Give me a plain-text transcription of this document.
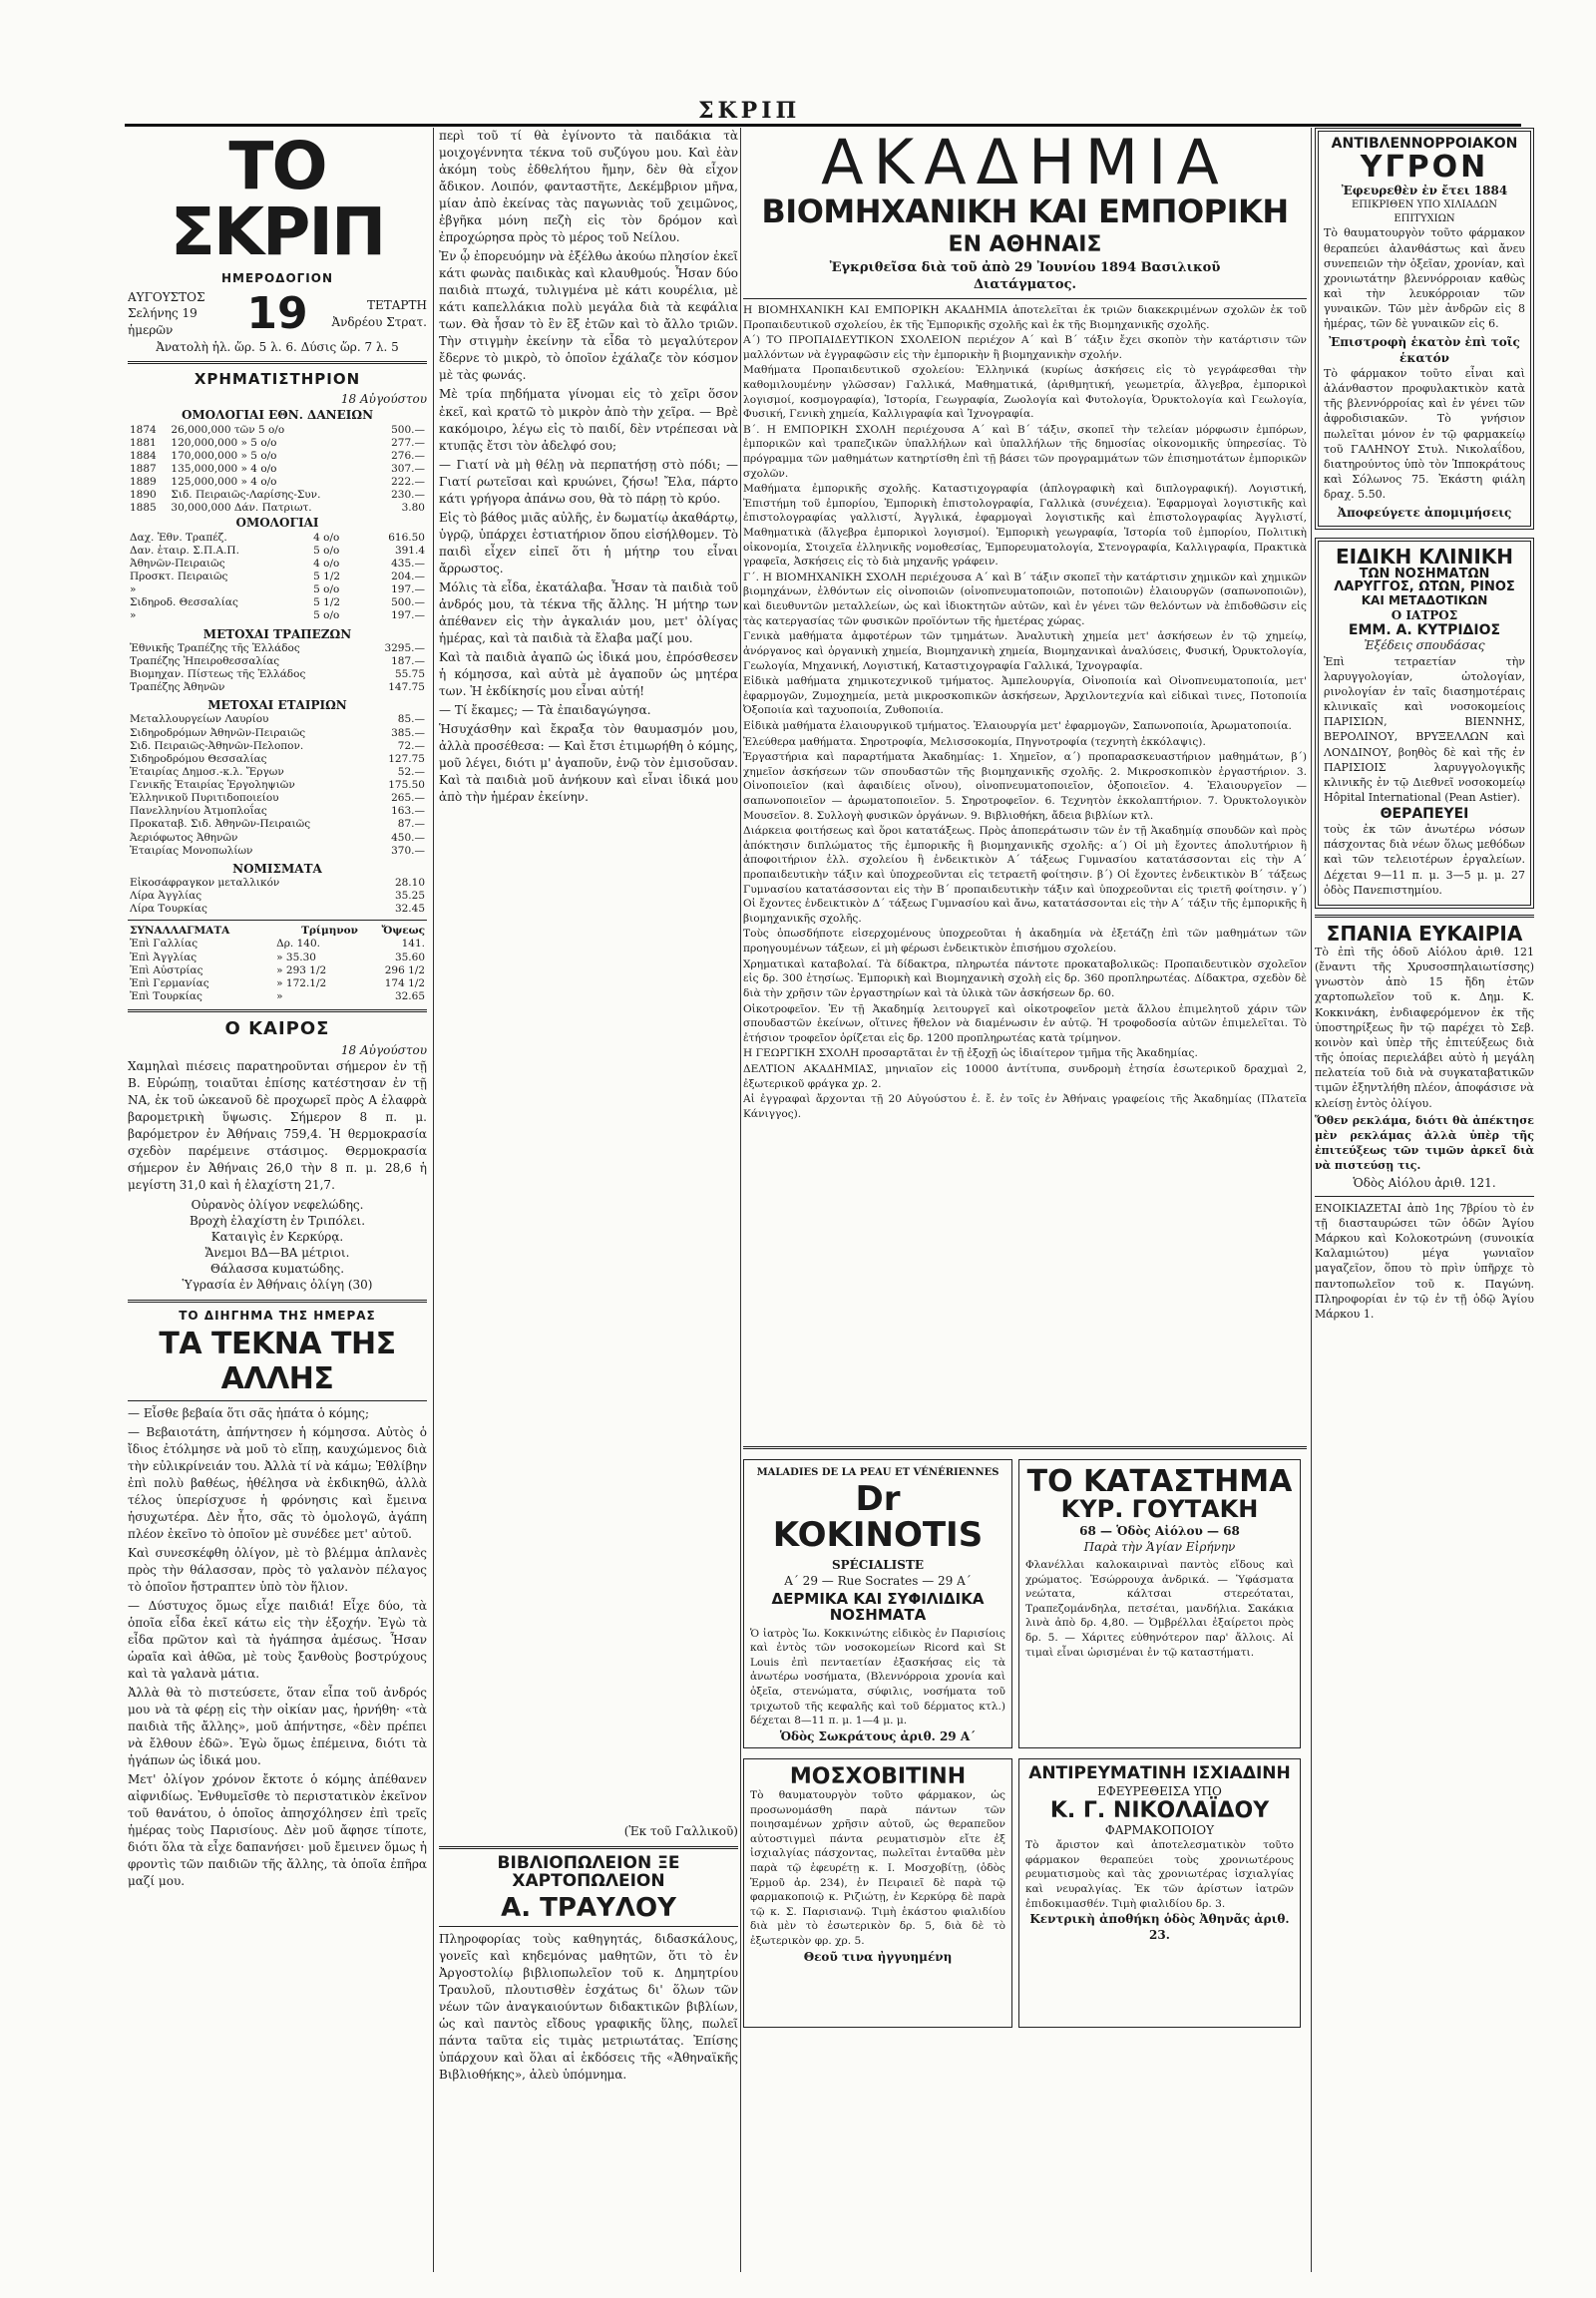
ΣΚΡΙΠ
ΤΟ ΣΚΡΙΠ
ΗΜΕΡΟΔΟΓΙΟΝ
ΑΥΓΟΥΣΤΟΣ
Σελήνης 19 ἡμερῶν	19	ΤΕΤΑΡΤΗ
Ἀνδρέου Στρατ.
Ἀνατολὴ ἡλ. ὥρ. 5 λ. 6. Δύσις ὥρ. 7 λ. 5
ΧΡΗΜΑΤΙΣΤΗΡΙΟΝ
18 Αὐγούστου
ΟΜΟΛΟΓΙΑΙ ΕΘΝ. ΔΑΝΕΙΩΝ
1874	26,000,000 τῶν 5 ο/ο	500.—
1881	120,000,000 » 5 ο/ο	277.—
1884	170,000,000 » 5 ο/ο	276.—
1887	135,000,000 » 4 ο/ο	307.—
1889	125,000,000 » 4 ο/ο	222.—
1890	Σιδ. Πειραιῶς-Λαρίσης-Συν.	230.—
1885	30,000,000 Δάν. Πατριωτ.	3.80
ΟΜΟΛΟΓΙΑΙ
Δαχ. Ἐθν. Τραπέζ.	4 ο/ο	616.50
Δαν. ἑταιρ. Σ.Π.Α.Π.	5 ο/ο	391.4
Ἀθηνῶν-Πειραιῶς	4 ο/ο	435.—
Προσκτ. Πειραιῶς	5 1/2	204.—
»	5 ο/ο	197.—
Σιδηροδ. Θεσσαλίας	5 1/2	500.—
»	5 ο/ο	197.—
ΜΕΤΟΧΑΙ ΤΡΑΠΕΖΩΝ
Ἐθνικῆς Τραπέζης τῆς Ἑλλάδος	3295.—
Τραπέζης Ἠπειροθεσσαλίας	187.—
Βιομηχαν. Πίστεως τῆς Ἑλλάδος	55.75
Τραπέζης Ἀθηνῶν	147.75
ΜΕΤΟΧΑΙ ΕΤΑΙΡΙΩΝ
Μεταλλουργείων Λαυρίου	85.—
Σιδηροδρόμων Ἀθηνῶν-Πειραιῶς	385.—
Σιδ. Πειραιῶς-Ἀθηνῶν-Πελοπον.	72.—
Σιδηροδρόμου Θεσσαλίας	127.75
Ἑταιρίας Δημοσ.-κ.λ. Ἔργων	52.—
Γενικῆς Ἑταιρίας Ἐργοληψιῶν	175.50
Ἑλληνικοῦ Πυριτιδοποιείου	265.—
Πανελληνίου Ἀτμοπλοΐας	163.—
Προκαταβ. Σιδ. Ἀθηνῶν-Πειραιῶς	87.—
Ἀεριόφωτος Ἀθηνῶν	450.—
Ἑταιρίας Μονοπωλίων	370.—
ΝΟΜΙΣΜΑΤΑ
Εἰκοσάφραγκον μεταλλικόν	28.10
Λίρα Ἀγγλίας	35.25
Λίρα Τουρκίας	32.45
ΣΥΝΑΛΛΑΓΜΑΤΑ	Τρίμηνον	Ὄψεως
Ἐπὶ Γαλλίας	Δρ. 140.	141.
Ἐπὶ Ἀγγλίας	» 35.30	35.60
Ἐπὶ Αὐστρίας	» 293 1/2	296 1/2
Ἐπὶ Γερμανίας	» 172.1/2	174 1/2
Ἐπὶ Τουρκίας	»	32.65
Ο ΚΑΙΡΟΣ
18 Αὐγούστου
Χαμηλαὶ πιέσεις παρατηροῦνται σήμερον ἐν τῇ Β. Εὐρώπῃ, τοιαῦται ἐπίσης κατέστησαν ἐν τῇ ΝΑ, ἐκ τοῦ ὠκεανοῦ δὲ προχωρεῖ πρὸς Α ἐλαφρὰ βαρομετρικὴ ὕψωσις. Σήμερον 8 π. μ. βαρόμετρον ἐν Ἀθήναις 759,4. Ἡ θερμοκρασία σχεδὸν παρέμεινε στάσιμος. Θερμοκρασία σήμερον ἐν Ἀθήναις 26,0 τὴν 8 π. μ. 28,6 ἡ μεγίστη 31,0 καὶ ἡ ἐλαχίστη 21,7.

Οὐρανὸς ὀλίγον νεφελώδης.

Βροχὴ ἐλαχίστη ἐν Τριπόλει.

Καταιγὶς ἐν Κερκύρᾳ.

Ἄνεμοι ΒΔ—ΒΑ μέτριοι.

Θάλασσα κυματώδης.

Ὑγρασία ἐν Ἀθήναις ὀλίγη (30)

ΤΟ ΔΙΗΓΗΜΑ ΤΗΣ ΗΜΕΡΑΣ
ΤΑ ΤΕΚΝΑ ΤΗΣ ΑΛΛΗΣ

— Εἶσθε βεβαία ὅτι σᾶς ἠπάτα ὁ κόμης;

— Βεβαιοτάτη, ἀπήντησεν ἡ κόμησσα. Αὐτὸς ὁ ἴδιος ἐτόλμησε νὰ μοῦ τὸ εἴπῃ, καυχώμενος διὰ τὴν εὐλικρίνειάν του. Ἀλλὰ τί νὰ κάμω; Ἐθλίβην ἐπὶ πολὺ βαθέως, ἠθέλησα νὰ ἐκδικηθῶ, ἀλλὰ τέλος ὑπερίσχυσε ἡ φρόνησις καὶ ἔμεινα ἡσυχωτέρα. Δὲν ἦτο, σᾶς τὸ ὁμολογῶ, ἀγάπη πλέον ἐκεῖνο τὸ ὁποῖον μὲ συνέδεε μετ' αὐτοῦ.

Καὶ συνεσκέφθη ὀλίγον, μὲ τὸ βλέμμα ἀπλανὲς πρὸς τὴν θάλασσαν, πρὸς τὸ γαλανὸν πέλαγος τὸ ὁποῖον ἤστραπτεν ὑπὸ τὸν ἥλιον.

— Δύστυχος ὅμως εἶχε παιδιά! Εἶχε δύο, τὰ ὁποῖα εἶδα ἐκεῖ κάτω εἰς τὴν ἐξοχήν. Ἐγὼ τὰ εἶδα πρῶτον καὶ τὰ ἠγάπησα ἀμέσως. Ἦσαν ὡραῖα καὶ ἀθῶα, μὲ τοὺς ξανθοὺς βοστρύχους καὶ τὰ γαλανὰ μάτια.

Ἀλλὰ θὰ τὸ πιστεύσετε, ὅταν εἶπα τοῦ ἀνδρός μου νὰ τὰ φέρῃ εἰς τὴν οἰκίαν μας, ἠρνήθη· «τὰ παιδιὰ τῆς ἄλλης», μοῦ ἀπήντησε, «δὲν πρέπει νὰ ἔλθουν ἐδῶ». Ἐγὼ ὅμως ἐπέμεινα, διότι τὰ ἠγάπων ὡς ἰδικά μου.

Μετ' ὀλίγον χρόνον ἔκτοτε ὁ κόμης ἀπέθανεν αἰφνιδίως. Ἐνθυμεῖσθε τὸ περιστατικὸν ἐκεῖνον τοῦ θανάτου, ὁ ὁποῖος ἀπησχόλησεν ἐπὶ τρεῖς ἡμέρας τοὺς Παρισίους. Δὲν μοῦ ἄφησε τίποτε, διότι ὅλα τὰ εἶχε δαπανήσει· μοῦ ἔμεινεν ὅμως ἡ φροντὶς τῶν παιδιῶν τῆς ἄλλης, τὰ ὁποῖα ἐπῆρα μαζί μου.

περὶ τοῦ τί θὰ ἐγίνοντο τὰ παιδάκια τὰ μοιχογέννητα τέκνα τοῦ συζύγου μου. Καὶ ἐὰν ἀκόμη τοὺς ἐδθελήτου ἤμην, δὲν θὰ εἶχον ἄδικον. Λοιπόν, φανταστῆτε, Δεκέμβριον μῆνα, μίαν ἀπὸ ἐκείνας τὰς παγωνιὰς τοῦ χειμῶνος, ἐβγῆκα μόνη πεζὴ εἰς τὸν δρόμον καὶ ἐπροχώρησα πρὸς τὸ μέρος τοῦ Νείλου.

Ἐν ᾧ ἐπορευόμην νὰ ἐξέλθω ἀκούω πλησίον ἐκεῖ κάτι φωνὰς παιδικὰς καὶ κλαυθμούς. Ἦσαν δύο παιδιὰ πτωχά, τυλιγμένα μὲ κάτι κουρέλια, μὲ κάτι καπελλάκια πολὺ μεγάλα διὰ τὰ κεφάλια των. Θὰ ἦσαν τὸ ἓν ἓξ ἐτῶν καὶ τὸ ἄλλο τριῶν. Τὴν στιγμὴν ἐκείνην τὰ εἶδα τὸ μεγαλύτερον ἔδερνε τὸ μικρὸ, τὸ ὁποῖον ἐχάλαζε τὸν κόσμον μὲ τὰς φωνάς.

Μὲ τρία πηδήματα γίνομαι εἰς τὸ χεῖρι ὅσον ἐκεῖ, καὶ κρατῶ τὸ μικρὸν ἀπὸ τὴν χεῖρα. — Βρὲ κακόμοιρο, λέγω εἰς τὸ παιδί, δὲν ντρέπεσαι νὰ κτυπᾷς ἔτσι τὸν ἀδελφό σου;

— Γιατί νὰ μὴ θέλῃ νὰ περπατήσῃ στὸ πόδι; — Γιατί ρωτεῖσαι καὶ κρυώνει, ζήσω! Ἔλα, πάρτο κάτι γρήγορα ἀπάνω σου, θὰ τὸ πάρῃ τὸ κρύο.

Εἰς τὸ βάθος μιᾶς αὐλῆς, ἐν δωματίῳ ἀκαθάρτῳ, ὑγρῷ, ὑπάρχει ἑστιατήριον ὅπου εἰσήλθομεν. Τὸ παιδὶ εἶχεν εἰπεῖ ὅτι ἡ μήτηρ του εἶναι ἄρρωστος.

Μόλις τὰ εἶδα, ἐκατάλαβα. Ἦσαν τὰ παιδιὰ τοῦ ἀνδρός μου, τὰ τέκνα τῆς ἄλλης. Ἡ μήτηρ των ἀπέθανεν εἰς τὴν ἀγκαλιάν μου, μετ' ὀλίγας ἡμέρας, καὶ τὰ παιδιὰ τὰ ἔλαβα μαζί μου.

Καὶ τὰ παιδιὰ ἀγαπῶ ὡς ἰδικά μου, ἐπρόσθεσεν ἡ κόμησσα, καὶ αὐτὰ μὲ ἀγαποῦν ὡς μητέρα των. Ἡ ἐκδίκησίς μου εἶναι αὐτή!

— Τί ἔκαμες; — Τὰ ἐπαιδαγώγησα.

Ἡσυχάσθην καὶ ἔκραξα τὸν θαυμασμόν μου, ἀλλὰ προσέθεσα: — Καὶ ἔτσι ἐτιμωρήθη ὁ κόμης, μοῦ λέγει, διότι μ' ἀγαποῦν, ἐνῷ τὸν ἐμισοῦσαν. Καὶ τὰ παιδιὰ μοῦ ἀνήκουν καὶ εἶναι ἰδικά μου ἀπὸ τὴν ἡμέραν ἐκείνην.

(Ἐκ τοῦ Γαλλικοῦ)
ΒΙΒΛΙΟΠΩΛΕΙΟΝ ΞΕ ΧΑΡΤΟΠΩΛΕΙΟΝ
Α. ΤΡΑΥΛΟΥ
Πληροφορίας τοὺς καθηγητάς, διδασκάλους, γονεῖς καὶ κηδεμόνας μαθητῶν, ὅτι τὸ ἐν Ἀργοστολίῳ βιβλιοπωλεῖον τοῦ κ. Δημητρίου Τραυλοῦ, πλουτισθὲν ἐσχάτως δι' ὅλων τῶν νέων τῶν ἀναγκαιούντων διδακτικῶν βιβλίων, ὡς καὶ παντὸς εἴδους γραφικῆς ὕλης, πωλεῖ πάντα ταῦτα εἰς τιμὰς μετριωτάτας. Ἐπίσης ὑπάρχουν καὶ ὅλαι αἱ ἐκδόσεις τῆς «Ἀθηναϊκῆς Βιβλιοθήκης», ἀλεὺ ὑπόμνημα.
ΑΚΑΔΗΜΙΑ
ΒΙΟΜΗΧΑΝΙΚΗ ΚΑΙ ΕΜΠΟΡΙΚΗ
ΕΝ ΑΘΗΝΑΙΣ
Ἐγκριθεῖσα διὰ τοῦ ἀπὸ 29 Ἰουνίου 1894 Βασιλικοῦ Διατάγματος.

Η ΒΙΟΜΗΧΑΝΙΚΗ ΚΑΙ ΕΜΠΟΡΙΚΗ ΑΚΑΔΗΜΙΑ ἀποτελεῖται ἐκ τριῶν διακεκριμένων σχολῶν ἐκ τοῦ Προπαιδευτικοῦ σχολείου, ἐκ τῆς Ἐμπορικῆς σχολῆς καὶ ἐκ τῆς Βιομηχανικῆς σχολῆς.

Α΄) ΤΟ ΠΡΟΠΑΙΔΕΥΤΙΚΟΝ ΣΧΟΛΕΙΟΝ περιέχον Α΄ καὶ Β΄ τάξιν ἔχει σκοπὸν τὴν κατάρτισιν τῶν μαλλόντων νὰ ἐγγραφῶσιν εἰς τὴν ἐμπορικὴν ἢ βιομηχανικὴν σχολήν.

Μαθήματα Προπαιδευτικοῦ σχολείου: Ἑλληνικά (κυρίως ἀσκήσεις εἰς τὸ γεγράφεσθαι τὴν καθομιλουμένην γλῶσσαν) Γαλλικά, Μαθηματικά, (ἀριθμητική, γεωμετρία, ἄλγεβρα, ἐμπορικοὶ λογισμοί, κοσμογραφία), Ἱστορία, Γεωγραφία, Ζωολογία καὶ Φυτολογία, Ὀρυκτολογία καὶ Γεωλογία, Φυσική, Γενικὴ χημεία, Καλλιγραφία καὶ Ἰχνογραφία.

Β΄. Η ΕΜΠΟΡΙΚΗ ΣΧΟΛΗ περιέχουσα Α΄ καὶ Β΄ τάξιν, σκοπεῖ τὴν τελείαν μόρφωσιν ἐμπόρων, ἐμπορικῶν καὶ τραπεζικῶν ὑπαλλήλων καὶ ὑπαλλήλων τῆς δημοσίας οἰκονομικῆς ὑπηρεσίας. Τὸ πρόγραμμα τῶν μαθημάτων κατηρτίσθη ἐπὶ τῇ βάσει τῶν προγραμμάτων τῶν ἐπισημοτάτων ἐμπορικῶν σχολῶν.

Μαθήματα ἐμπορικῆς σχολῆς. Καταστιχογραφία (ἁπλογραφικὴ καὶ διπλογραφική). Λογιστική, Ἐπιστήμη τοῦ ἐμπορίου, Ἐμπορικὴ ἐπιστολογραφία, Γαλλικὰ (συνέχεια). Ἐφαρμογαὶ λογιστικῆς καὶ ἐπιστολογραφίας γαλλιστί, Ἀγγλικά, ἐφαρμογαὶ λογιστικῆς καὶ ἐπιστολογραφίας Ἀγγλιστί, Μαθηματικὰ (ἄλγεβρα ἐμπορικοὶ λογισμοί). Ἐμπορικὴ γεωγραφία, Ἱστορία τοῦ ἐμπορίου, Πολιτικὴ οἰκονομία, Στοιχεῖα ἐλληνικῆς νομοθεσίας, Ἐμπορευματολογία, Στενογραφία, Καλλιγραφία, Πρακτικὰ γραφεῖα, Ἀσκήσεις εἰς τὸ διὰ μηχανῆς γράφειν.

Γ΄. Η ΒΙΟΜΗΧΑΝΙΚΗ ΣΧΟΛΗ περιέχουσα Α΄ καὶ Β΄ τάξιν σκοπεῖ τὴν κατάρτισιν χημικῶν καὶ χημικῶν βιομηχάνων, ἐλθόντων εἰς οἰνοποιῶν (οἰνοπνευματοποιῶν, ποτοποιῶν) ἐλαιουργῶν (σαπωνοποιῶν), καὶ διευθυντῶν μεταλλείων, ὡς καὶ ἰδιοκτητῶν αὐτῶν, καὶ ἐν γένει τῶν θελόντων νὰ ἐπιδοθῶσιν εἰς τὰς κατεργασίας τῶν φυσικῶν προϊόντων τῆς ἡμετέρας χώρας.

Γενικὰ μαθήματα ἀμφοτέρων τῶν τμημάτων. Ἀναλυτικὴ χημεία μετ' ἀσκήσεων ἐν τῷ χημείῳ, ἀνόργανος καὶ ὀργανικὴ χημεία, Βιομηχανικὴ χημεία, Βιομηχανικαὶ ἀναλύσεις, Φυσική, Ὀρυκτολογία, Γεωλογία, Μηχανική, Λογιστική, Καταστιχογραφία Γαλλικά, Ἰχνογραφία.

Εἰδικὰ μαθήματα χημικοτεχνικοῦ τμήματος. Ἀμπελουργία, Οἰνοποιία καὶ Οἰνοπνευματοποιία, μετ' ἐφαρμογῶν, Ζυμοχημεία, μετὰ μικροσκοπικῶν ἀσκήσεων, Ἀρχιλοντεχνία καὶ εἰδικαὶ τινες, Ποτοποιία Ὀξοποιία καὶ ταχυοποιία, Ζυθοποιία.

Εἰδικὰ μαθήματα ἐλαιουργικοῦ τμήματος. Ἐλαιουργία μετ' ἐφαρμογῶν, Σαπωνοποιία, Ἀρωματοποιία.

Ἐλεύθερα μαθήματα. Σηροτροφία, Μελισσοκομία, Πηγνοτροφία (τεχνητὴ ἐκκόλαψις).

Ἐργαστήρια καὶ παραρτήματα Ἀκαδημίας: 1. Χημεῖον, α΄) προπαρασκευαστήριον μαθημάτων, β΄) χημεῖον ἀσκήσεων τῶν σπουδαστῶν τῆς βιομηχανικῆς σχολῆς. 2. Μικροσκοπικὸν ἐργαστήριον. 3. Οἰνοποιεῖον (καὶ ἀφαιδίεις οἴνου), οἰνοπνευματοποιεῖον, ὀξοποιεῖον. 4. Ἐλαιουργεῖον — σαπωνοποιεῖον — ἀρωματοποιεῖον. 5. Σηροτροφεῖον. 6. Τεχνητὸν ἐκκολαπτήριον. 7. Ὀρυκτολογικὸν Μουσεῖον. 8. Συλλογὴ φυσικῶν ὀργάνων. 9. Βιβλιοθήκη, ἄδεια βιβλίων κτλ.

Διάρκεια φοιτήσεως καὶ ὅροι κατατάξεως. Πρὸς ἀποπεράτωσιν τῶν ἐν τῇ Ἀκαδημίᾳ σπουδῶν καὶ πρὸς ἀπόκτησιν διπλώματος τῆς ἐμπορικῆς ἢ βιομηχανικῆς σχολῆς: α΄) Οἱ μὴ ἔχοντες ἀπολυτήριον ἢ ἀποφοιτήριον ἑλλ. σχολείου ἢ ἐνδεικτικὸν Α΄ τάξεως Γυμνασίου κατατάσσονται εἰς τὴν Α΄ προπαιδευτικὴν τάξιν καὶ ὑποχρεοῦνται εἰς τετραετῆ φοίτησιν. β΄) Οἱ ἔχοντες ἐνδεικτικὸν Β΄ τάξεως Γυμνασίου κατατάσσονται εἰς τὴν Β΄ προπαιδευτικὴν τάξιν καὶ ὑποχρεοῦνται εἰς τριετῆ φοίτησιν. γ΄) Οἱ ἔχοντες ἐνδεικτικὸν Δ΄ τάξεως Γυμνασίου καὶ ἄνω, κατατάσσονται εἰς τὴν Α΄ τάξιν τῆς ἐμπορικῆς ἢ βιομηχανικῆς σχολῆς.

Τοὺς ὁπωσδήποτε εἰσερχομένους ὑποχρεοῦται ἡ ἀκαδημία νὰ ἐξετάζῃ ἐπὶ τῶν μαθημάτων τῶν προηγουμένων τάξεων, εἰ μὴ φέρωσι ἐνδεικτικὸν ἐπισήμου σχολείου.

Χρηματικαὶ καταβολαί. Τὰ δίδακτρα, πληρωτέα πάντοτε προκαταβολικῶς: Προπαιδευτικὸν σχολεῖον εἰς δρ. 300 ἐτησίως. Ἐμπορικὴ καὶ Βιομηχανικὴ σχολὴ εἰς δρ. 360 προπληρωτέας. Δίδακτρα, σχεδὸν δὲ διὰ τὴν χρῆσιν τῶν ἐργαστηρίων καὶ τὰ ὑλικὰ τῶν ἀσκήσεων δρ. 60.

Οἰκοτροφεῖον. Ἐν τῇ Ἀκαδημίᾳ λειτουργεῖ καὶ οἰκοτροφεῖον μετὰ ἄλλου ἐπιμελητοῦ χάριν τῶν σπουδαστῶν ἐκείνων, οἵτινες ἤθελον νὰ διαμένωσιν ἐν αὐτῷ. Ἡ τροφοδοσία αὐτῶν ἐπιμελεῖται. Τὸ ἐτήσιον τροφεῖον ὁρίζεται εἰς δρ. 1200 προπληρωτέας κατὰ τρίμηνον.

Η ΓΕΩΡΓΙΚΗ ΣΧΟΛΗ προσαρτᾶται ἐν τῇ ἐξοχῇ ὡς ἰδιαίτερον τμῆμα τῆς Ἀκαδημίας.

ΔΕΛΤΙΟΝ ΑΚΑΔΗΜΙΑΣ, μηνιαῖον εἰς 10000 ἀντίτυπα, συνδρομὴ ἐτησία ἐσωτερικοῦ δραχμαὶ 2, ἐξωτερικοῦ φράγκα χρ. 2.

Αἱ ἐγγραφαὶ ἄρχονται τῇ 20 Αὐγούστου ἐ. ἔ. ἐν τοῖς ἐν Ἀθήναις γραφείοις τῆς Ἀκαδημίας (Πλατεῖα Κάνιγγος).

MALADIES DE LA PEAU ET VÉNÉRIENNES
Dr KOKINOTIS
SPÉCIALISTE
Α΄ 29 — Rue Socrates — 29 Α΄
ΔΕΡΜΙΚΑ ΚΑΙ ΣΥΦΙΛΙΔΙΚΑ ΝΟΣΗΜΑΤΑ
Ὁ ἰατρὸς Ἰω. Κοκκινώτης εἰδικὸς ἐν Παρισίοις καὶ ἐντὸς τῶν νοσοκομείων Ricord καὶ St Louis ἐπὶ πενταετίαν ἐξασκήσας εἰς τὰ ἀνωτέρω νοσήματα, (Βλεννόρροια χρονία καὶ ὀξεῖα, στενώματα, σύφιλις, νοσήματα τοῦ τριχωτοῦ τῆς κεφαλῆς καὶ τοῦ δέρματος κτλ.) δέχεται 8—11 π. μ. 1—4 μ. μ.
Ὁδὸς Σωκράτους ἀριθ. 29 Α΄
ΤΟ ΚΑΤΑΣΤΗΜΑ
ΚΥΡ. ΓΟΥΤΑΚΗ
68 — Ὁδὸς Αἰόλου — 68
Παρὰ τὴν Ἁγίαν Εἰρήνην
Φλανέλλαι καλοκαιριναὶ παντὸς εἴδους καὶ χρώματος. Ἐσώρρουχα ἀνδρικά. — Ὑφάσματα νεώτατα, κάλτσαι στερεόταται, Τραπεζομάνδηλα, πετσέται, μανδήλια. Σακάκια λινὰ ἀπὸ δρ. 4,80. — Ὀμβρέλλαι ἐξαίρετοι πρὸς δρ. 5. — Χάριτες εὐθηνότερον παρ' ἄλλοις. Αἱ τιμαὶ εἶναι ὡρισμέναι ἐν τῷ καταστήματι.
ΜΟΣΧΟΒΙΤΙΝΗ
Τὸ θαυματουργὸν τοῦτο φάρμακον, ὡς προσωνομάσθη παρὰ πάντων τῶν ποιησαμένων χρῆσιν αὐτοῦ, ὡς θεραπεῦον αὐτοστιγμεὶ πάντα ρευματισμὸν εἴτε ἐξ ἰσχιαλγίας πάσχοντας, πωλεῖται ἐνταῦθα μὲν παρὰ τῷ ἐφευρέτῃ κ. Ι. Μοσχοβίτῃ, (ὁδὸς Ἑρμοῦ ἀρ. 234), ἐν Πειραιεῖ δὲ παρὰ τῷ φαρμακοποιῷ κ. Ριζιώτῃ, ἐν Κερκύρᾳ δὲ παρὰ τῷ κ. Σ. Παρισιανῷ. Τιμὴ ἑκάστου φιαλιδίου διὰ μὲν τὸ ἐσωτερικὸν δρ. 5, διὰ δὲ τὸ ἐξωτερικὸν φρ. χρ. 5.
Θεοῦ τινα ἠγγυημένη
ΑΝΤΙΡΕΥΜΑΤΙΝΗ ΙΣΧΙΑΔΙΝΗ
ΕΦΕΥΡΕΘΕΙΣΑ ΥΠΟ
Κ. Γ. ΝΙΚΟΛΑΪΔΟΥ
ΦΑΡΜΑΚΟΠΟΙΟΥ
Τὸ ἄριστον καὶ ἀποτελεσματικὸν τοῦτο φάρμακον θεραπεύει τοὺς χρονιωτέρους ρευματισμοὺς καὶ τὰς χρονιωτέρας ἰσχιαλγίας καὶ νευραλγίας. Ἐκ τῶν ἀρίστων ἰατρῶν ἐπιδοκιμασθέν. Τιμὴ φιαλιδίου δρ. 3.
Κεντρικὴ ἀποθήκη ὁδὸς Ἀθηνᾶς ἀριθ. 23.
ΑΝΤΙΒΛΕΝΝΟΡΡΟΙΑΚΟΝ
ΥΓΡΟΝ
Ἐφευρεθὲν ἐν ἔτει 1884
ΕΠΙΚΡΙΘΕΝ ΥΠΟ ΧΙΛΙΑΔΩΝ ΕΠΙΤΥΧΙΩΝ
Τὸ θαυματουργὸν τοῦτο φάρμακον θεραπεύει ἀλανθάστως καὶ ἄνευ συνεπειῶν τὴν ὀξεῖαν, χρονίαν, καὶ χρονιωτάτην βλεννόρροιαν καθὼς καὶ τὴν λευκόρροιαν τῶν γυναικῶν. Τῶν μὲν ἀνδρῶν εἰς 8 ἡμέρας, τῶν δὲ γυναικῶν εἰς 6.
Ἐπιστροφὴ ἑκατὸν ἐπὶ τοῖς ἑκατόν
Τὸ φάρμακον τοῦτο εἶναι καὶ ἀλάνθαστον προφυλακτικὸν κατὰ τῆς βλεννόρροίας καὶ ἐν γένει τῶν ἀφροδισιακῶν. Τὸ γνήσιον πωλεῖται μόνον ἐν τῷ φαρμακείῳ τοῦ ΓΑΛΗΝΟΥ Στυλ. Νικολαΐδου, διατηρούντος ὑπὸ τὸν Ἱπποκράτους καὶ Σόλωνος 75. Ἐκάστη φιάλη δραχ. 5.50.
Ἀποφεύγετε ἀπομιμήσεις
ΕΙΔΙΚΗ ΚΛΙΝΙΚΗ
ΤΩΝ ΝΟΣΗΜΑΤΩΝ ΛΑΡΥΓΓΟΣ, ΩΤΩΝ, ΡΙΝΟΣ
ΚΑΙ ΜΕΤΑΔΟΤΙΚΩΝ
Ο ΙΑΤΡΟΣ
ΕΜΜ. Α. ΚΥΤΡΙΔΙΟΣ
Ἐξέδεις σπουδάσας
Ἐπὶ τετραετίαν τὴν λαρυγγολογίαν, ὠτολογίαν, ρινολογίαν ἐν ταῖς διασημοτέραις κλινικαῖς καὶ νοσοκομείοις ΠΑΡΙΣΙΩΝ, ΒΙΕΝΝΗΣ, ΒΕΡΟΛΙΝΟΥ, ΒΡΥΞΕΛΛΩΝ καὶ ΛΟΝΔΙΝΟΥ, βοηθὸς δὲ καὶ τῆς ἐν ΠΑΡΙΣΙΟΙΣ λαρυγγολογικῆς κλινικῆς ἐν τῷ Διεθνεῖ νοσοκομείῳ Hôpital International (Pean Astier).
ΘΕΡΑΠΕΥΕΙ
τοὺς ἐκ τῶν ἀνωτέρω νόσων πάσχοντας διὰ νέων ὅλως μεθόδων καὶ τῶν τελειοτέρων ἐργαλείων. Δέχεται 9—11 π. μ. 3—5 μ. μ. 27 ὁδὸς Πανεπιστημίου.
ΣΠΑΝΙΑ ΕΥΚΑΙΡΙΑ
Τὸ ἐπὶ τῆς ὁδοῦ Αἰόλου ἀριθ. 121 (ἔναντι τῆς Χρυσοσπηλαιωτίσσης) γνωστὸν ἀπὸ 15 ἤδη ἐτῶν χαρτοπωλεῖον τοῦ κ. Δημ. Κ. Κοκκινάκη, ἐνδιαφερόμενον ἐκ τῆς ὑποστηρίξεως ἣν τῷ παρέχει τὸ Σεβ. κοινὸν καὶ ὑπὲρ τῆς ἐπιτεύξεως διὰ τῆς ὁποίας περιελάβει αὐτὸ ἡ μεγάλη πελατεία τοῦ διὰ νὰ συγκαταβατικῶν τιμῶν ἐξηντλήθη πλέον, ἀποφάσισε νὰ κλείσῃ ἐντὸς ὀλίγου.
Ὅθεν ρεκλάμα, διότι θὰ ἀπέκτησε μὲν ρεκλάμας ἀλλὰ ὑπὲρ τῆς ἐπιτεύξεως τῶν τιμῶν ἀρκεῖ διὰ νὰ πιστεύσῃ τις.
Ὁδὸς Αἰόλου ἀριθ. 121.
ΕΝΟΙΚΙΑΖΕΤΑΙ ἀπὸ 1ης 7βρίου τὸ ἐν τῇ διασταυρώσει τῶν ὁδῶν Ἁγίου Μάρκου καὶ Κολοκοτρώνη (συνοικία Καλαμιώτου) μέγα γωνιαῖον μαγαζεῖον, ὅπου τὸ πρὶν ὑπῆρχε τὸ παντοπωλεῖον τοῦ κ. Παγώνη. Πληροφορίαι ἐν τῷ ἐν τῇ ὁδῷ Ἁγίου Μάρκου 1.
